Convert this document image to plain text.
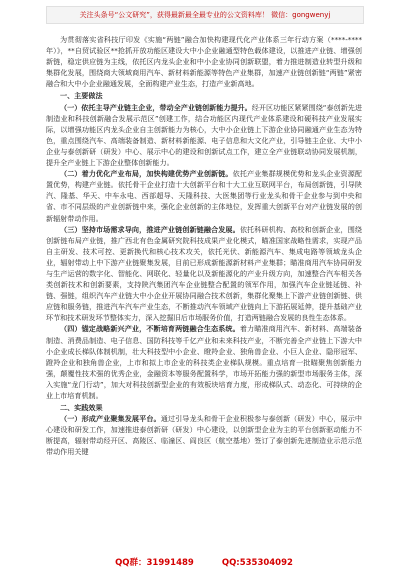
关注头条号“公文研究”，获得最新最全最专业的公文资料库！ 微信：gongwenyj

为贯彻落实省科技厅印发《实施“两链”融合加快构建现代化产业体系三年行动方案（****-****年）》，**自贸试验区**抢抓开放功能区建设大中小企业融通型特色载体建设，以推进产业链、增强创新链，稳定供应链为主线，依托区内龙头企业和中小企业协同创新联盟，着力推进制造业转型升级和集群化发展，围绕商大领域商用汽车、新材料新能源等特色产业集群，加速产业链创新链“两链”紧密融合和大中小企业融通发展，全面构建产业生态，打造产业新高地。

一、主要做法

（一）依托主导产业链主企业，带动全产业链创新能力提升。经开区功能区紧紧围绕“泰创新先进制造业和科技创新融合发展示范区”创建工作，结合功能区内现代产业体系建设和硬科技产业发展实际，以增强功能区内龙头企业自主创新能力为核心，大中小企业链上下游企业协同融通产业生态为特色，重点围绕汽车、高端装备制造、新材料新能源、电子信息和大文化产业，引导链主企业、大中小企业与泰创新研（研发）中心、展示中心的建设和创新试点工作，建立全产业链联动协同发展机制，提升全产业链上下游企业整体创新能力。

（二）着力优化产业布局，加快构建优势产业创新链。依托产业集群规模优势和龙头企业资源配置优势，构建产业链。依托骨干企业打造十大创新平台和十大工业互联网平台，布局创新链，引导陕汽、隆基、华天、中车永电、西部超导、天隆科技、大医集团等行业龙头和骨干企业参与到中央和省、市不同层级的产业创新链中来，强化企业创新的主体地位，发挥重大创新平台对产业链发展的创新辐射带动作用。

（三）坚持市场需求导向，推进产业链创新链融合发展。依托科研机构、高校和创新企业，围绕创新链布局产业链，推广西北有色金属研究院科技成果产业化模式，瞄准国家战略性需求，实现产品自主研发、技术可控、更新换代和核心技术攻关，依托光伏、新能源汽车、集成电路等领域龙头企业，辐射带动上中下游产业链聚集发展，目前已形成新能源新材料产业集群；瞄准商用汽车协同研发与生产运营的数字化、智能化、网联化、轻量化以及新能源化的产业升级方向，加速整合汽车相关各类创新技术和创新要素，支持陕汽集团汽车企业链整合配置的领军作用，加强汽车企业链延链、补链、强链，组织汽车产业链大中小企业开展协同融合技术创新，集群化聚集上下游产业链创新链、供应链和服务链，推进汽车汽车产业生态，不断推动汽车领域产业链向上下游拓展延伸，提升基础产业环节和技术研发环节整体实力，深入挖掘旧后市场服务价值，打造两链融合发展的良性生态体系。

（四）锚定战略新兴产业，不断培育两链融合生态系统。着力瞄准商用汽车、新材料、高端装备制造、消费品制造、电子信息、国防科技等千亿产业和未来科技产业，不断完善全产业链上下游大中小企业成长梯队体制机制，壮大科技型中小企业、瞪羚企业、独角兽企业、小巨人企业、隐形冠军、蹬羚企业和独角兽企业，上市和拟上市企业的科技类企业梯队规模。重点培育一批瞄聚焦创新能力强，颠覆性技术强的优秀企业，金融资本等服务配置科学，市场开拓能力强的新型市场服务主体，深入实施“龙门行动”，加大对科技创新型企业的有效板块培育力度，形成梯队式、动态化、可持续的企业上市培育机制。

二、实践效果

（一）形成产业聚集发展平台。通过引导龙头和骨干企业积极参与泰创新（研发）中心，展示中心建设和研发工作，加速推进泰创新研（研发）中心建设，以创新型企业为主的平台创新驱动能力不断提高，辐射带动经开区、高陵区、临潼区、阎良区（航空基地）签订了泰创新先进制造业示范示范带动作用关键

QQ群：31991489	QQ:535304092
